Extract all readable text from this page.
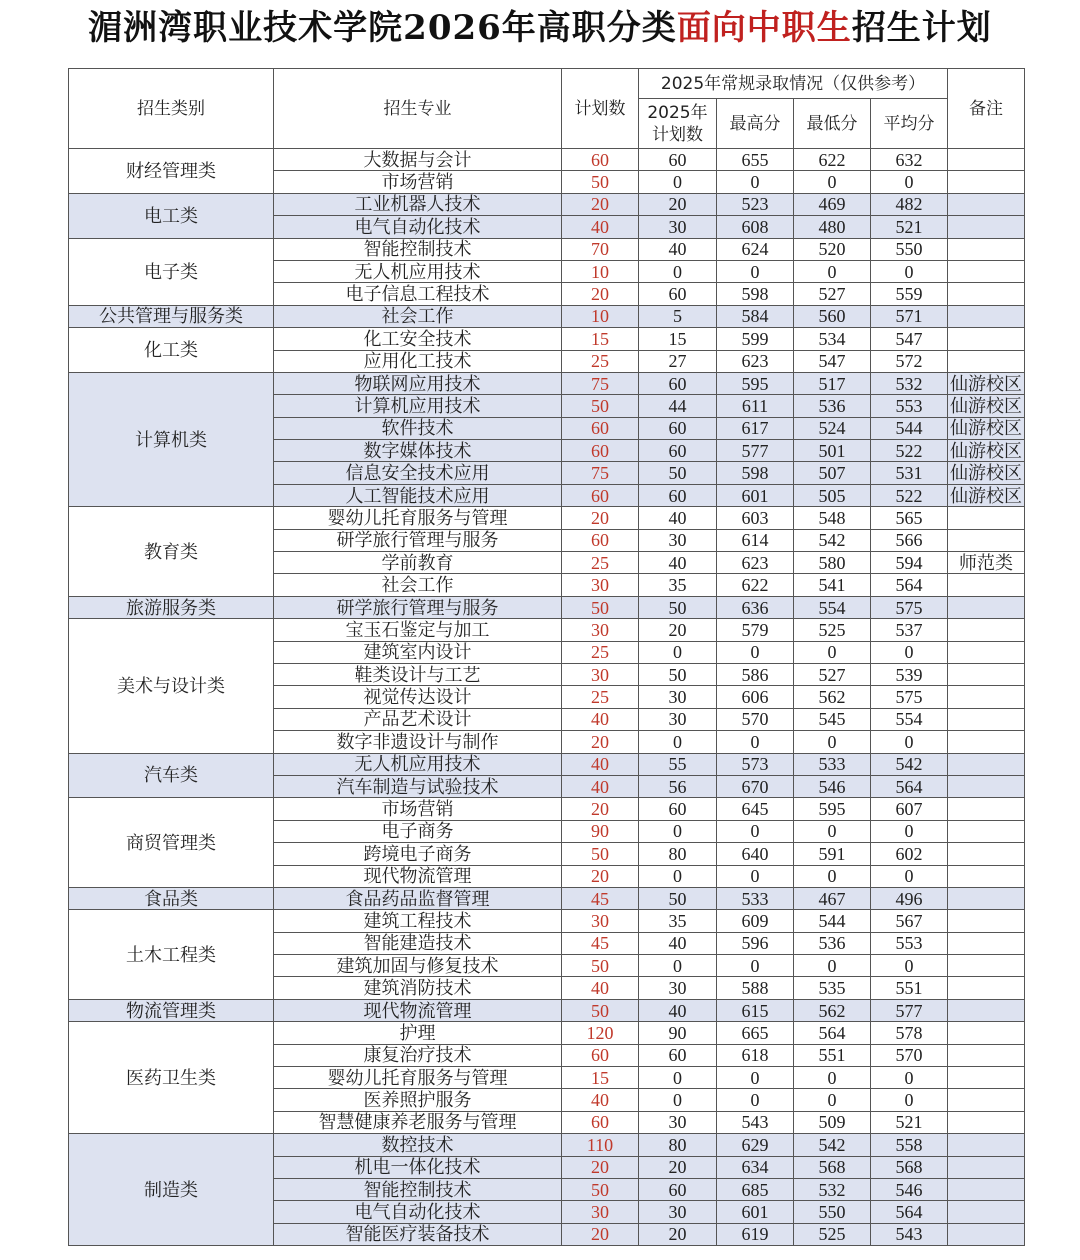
湄洲湾职业技术学院2026年高职分类面向中职生招生计划
招生类别	招生专业	计划数	2025年常规录取情况（仅供参考）				备注
			2025年计划数	最高分	最低分	平均分	
财经管理类	大数据与会计	60	60	655	622	632	
	市场营销	50	0	0	0	0	
电工类	工业机器人技术	20	20	523	469	482	
	电气自动化技术	40	30	608	480	521	
电子类	智能控制技术	70	40	624	520	550	
	无人机应用技术	10	0	0	0	0	
	电子信息工程技术	20	60	598	527	559	
公共管理与服务类	社会工作	10	5	584	560	571	
化工类	化工安全技术	15	15	599	534	547	
	应用化工技术	25	27	623	547	572	
计算机类	物联网应用技术	75	60	595	517	532	仙游校区
	计算机应用技术	50	44	611	536	553	仙游校区
	软件技术	60	60	617	524	544	仙游校区
	数字媒体技术	60	60	577	501	522	仙游校区
	信息安全技术应用	75	50	598	507	531	仙游校区
	人工智能技术应用	60	60	601	505	522	仙游校区
教育类	婴幼儿托育服务与管理	20	40	603	548	565	
	研学旅行管理与服务	60	30	614	542	566	
	学前教育	25	40	623	580	594	师范类
	社会工作	30	35	622	541	564	
旅游服务类	研学旅行管理与服务	50	50	636	554	575	
美术与设计类	宝玉石鉴定与加工	30	20	579	525	537	
	建筑室内设计	25	0	0	0	0	
	鞋类设计与工艺	30	50	586	527	539	
	视觉传达设计	25	30	606	562	575	
	产品艺术设计	40	30	570	545	554	
	数字非遗设计与制作	20	0	0	0	0	
汽车类	无人机应用技术	40	55	573	533	542	
	汽车制造与试验技术	40	56	670	546	564	
商贸管理类	市场营销	20	60	645	595	607	
	电子商务	90	0	0	0	0	
	跨境电子商务	50	80	640	591	602	
	现代物流管理	20	0	0	0	0	
食品类	食品药品监督管理	45	50	533	467	496	
土木工程类	建筑工程技术	30	35	609	544	567	
	智能建造技术	45	40	596	536	553	
	建筑加固与修复技术	50	0	0	0	0	
	建筑消防技术	40	30	588	535	551	
物流管理类	现代物流管理	50	40	615	562	577	
医药卫生类	护理	120	90	665	564	578	
	康复治疗技术	60	60	618	551	570	
	婴幼儿托育服务与管理	15	0	0	0	0	
	医养照护服务	40	0	0	0	0	
	智慧健康养老服务与管理	60	30	543	509	521	
制造类	数控技术	110	80	629	542	558	
	机电一体化技术	20	20	634	568	568	
	智能控制技术	50	60	685	532	546	
	电气自动化技术	30	30	601	550	564	
	智能医疗装备技术	20	20	619	525	543	
